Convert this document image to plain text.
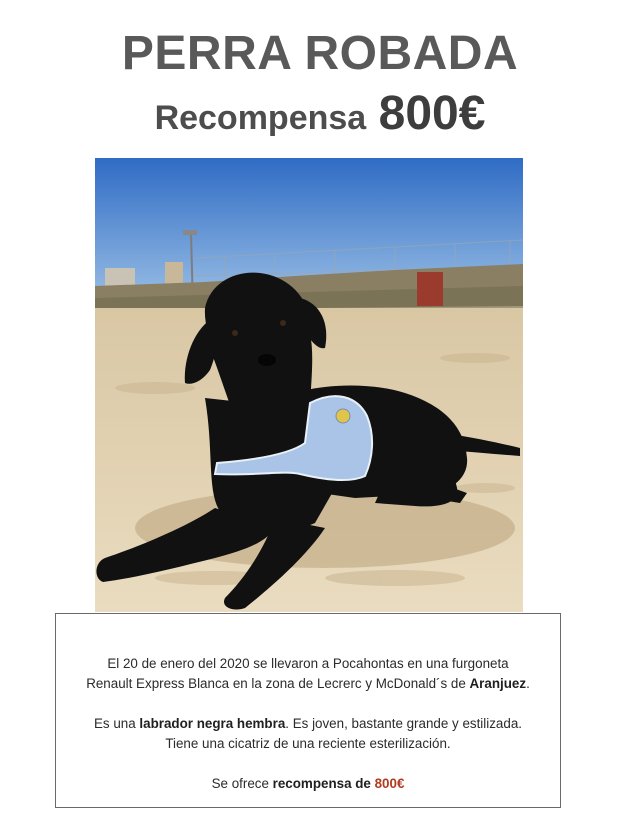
PERRA ROBADA
Recompensa 800€
El 20 de enero del 2020 se llevaron a Pocahontas en una furgoneta
Renault Express Blanca en la zona de Lecrerc y McDonald´s de Aranjuez.
Es una labrador negra hembra. Es joven, bastante grande y estilizada.
Tiene una cicatriz de una reciente esterilización.
Se ofrece recompensa de 800€
